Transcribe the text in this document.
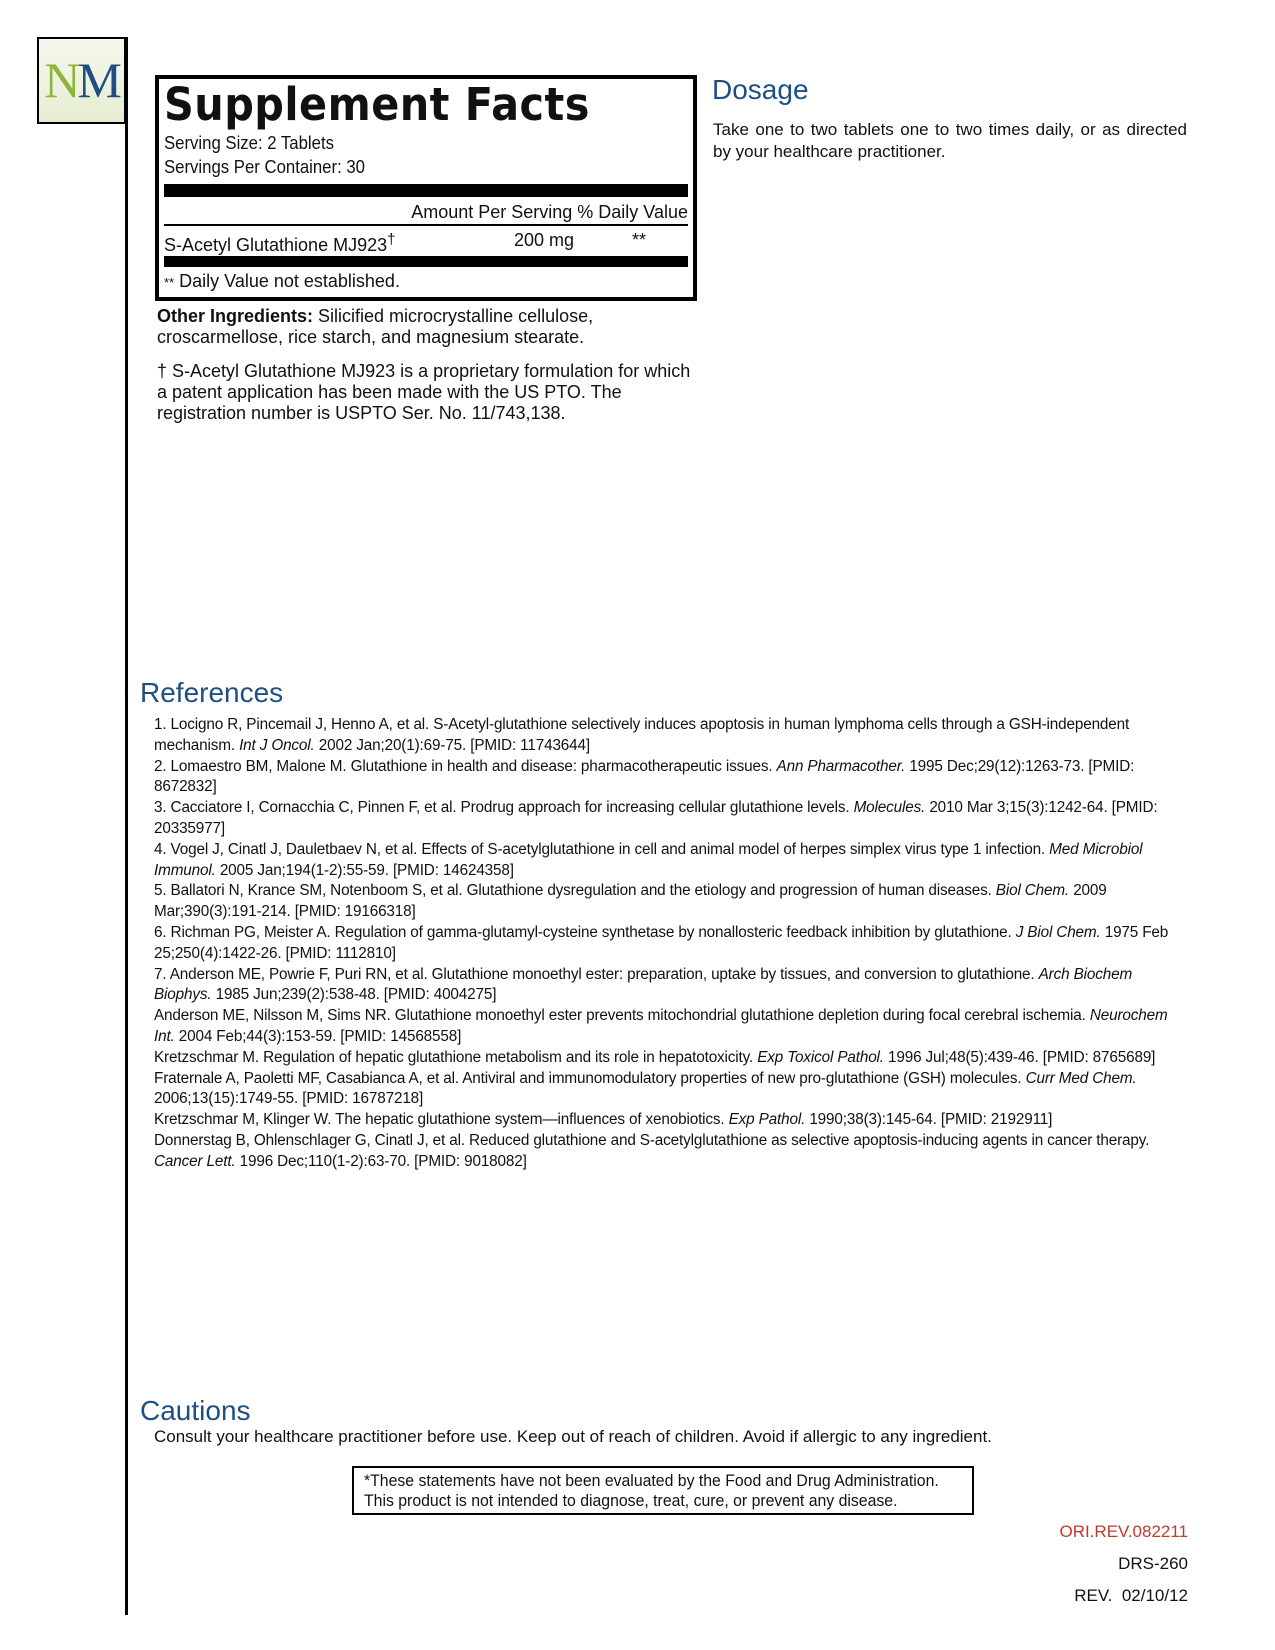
NM Supplement Facts
Serving Size: 2 Tablets
Servings Per Container: 30
Amount Per Serving % Daily Value
S-Acetyl Glutathione MJ923†	200 mg	**
** Daily Value not established.
Other Ingredients: Silicified microcrystalline cellulose, croscarmellose, rice starch, and magnesium stearate.
† S-Acetyl Glutathione MJ923 is a proprietary formulation for which a patent application has been made with the US PTO. The registration number is USPTO Ser. No. 11/743,138.
Dosage
Take one to two tablets one to two times daily, or as directed by your healthcare practitioner.
References

1. Locigno R, Pincemail J, Henno A, et al. S-Acetyl-glutathione selectively induces apoptosis in human lymphoma cells through a GSH-independent mechanism. Int J Oncol. 2002 Jan;20(1):69-75. [PMID: 11743644]

2. Lomaestro BM, Malone M. Glutathione in health and disease: pharmacotherapeutic issues. Ann Pharmacother. 1995 Dec;29(12):1263-73. [PMID: 8672832]

3. Cacciatore I, Cornacchia C, Pinnen F, et al. Prodrug approach for increasing cellular glutathione levels. Molecules. 2010 Mar 3;15(3):1242-64. [PMID: 20335977]

4. Vogel J, Cinatl J, Dauletbaev N, et al. Effects of S-acetylglutathione in cell and animal model of herpes simplex virus type 1 infection. Med Microbiol Immunol. 2005 Jan;194(1-2):55-59. [PMID: 14624358]

5. Ballatori N, Krance SM, Notenboom S, et al. Glutathione dysregulation and the etiology and progression of human diseases. Biol Chem. 2009 Mar;390(3):191-214. [PMID: 19166318]

6. Richman PG, Meister A. Regulation of gamma-glutamyl-cysteine synthetase by nonallosteric feedback inhibition by glutathione. J Biol Chem. 1975 Feb 25;250(4):1422-26. [PMID: 1112810]

7. Anderson ME, Powrie F, Puri RN, et al. Glutathione monoethyl ester: preparation, uptake by tissues, and conversion to glutathione. Arch Biochem Biophys. 1985 Jun;239(2):538-48. [PMID: 4004275]

Anderson ME, Nilsson M, Sims NR. Glutathione monoethyl ester prevents mitochondrial glutathione depletion during focal cerebral ischemia. Neurochem Int. 2004 Feb;44(3):153-59. [PMID: 14568558]

Kretzschmar M. Regulation of hepatic glutathione metabolism and its role in hepatotoxicity. Exp Toxicol Pathol. 1996 Jul;48(5):439-46. [PMID: 8765689]

Fraternale A, Paoletti MF, Casabianca A, et al. Antiviral and immunomodulatory properties of new pro-glutathione (GSH) molecules. Curr Med Chem. 2006;13(15):1749-55. [PMID: 16787218]

Kretzschmar M, Klinger W. The hepatic glutathione system—influences of xenobiotics. Exp Pathol. 1990;38(3):145-64. [PMID: 2192911]

Donnerstag B, Ohlenschlager G, Cinatl J, et al. Reduced glutathione and S-acetylglutathione as selective apoptosis-inducing agents in cancer therapy. Cancer Lett. 1996 Dec;110(1-2):63-70. [PMID: 9018082]

Cautions
Consult your healthcare practitioner before use. Keep out of reach of children. Avoid if allergic to any ingredient.
*These statements have not been evaluated by the Food and Drug Administration.
This product is not intended to diagnose, treat, cure, or prevent any disease.
ORI.REV.082211
DRS-260
REV.  02/10/12
